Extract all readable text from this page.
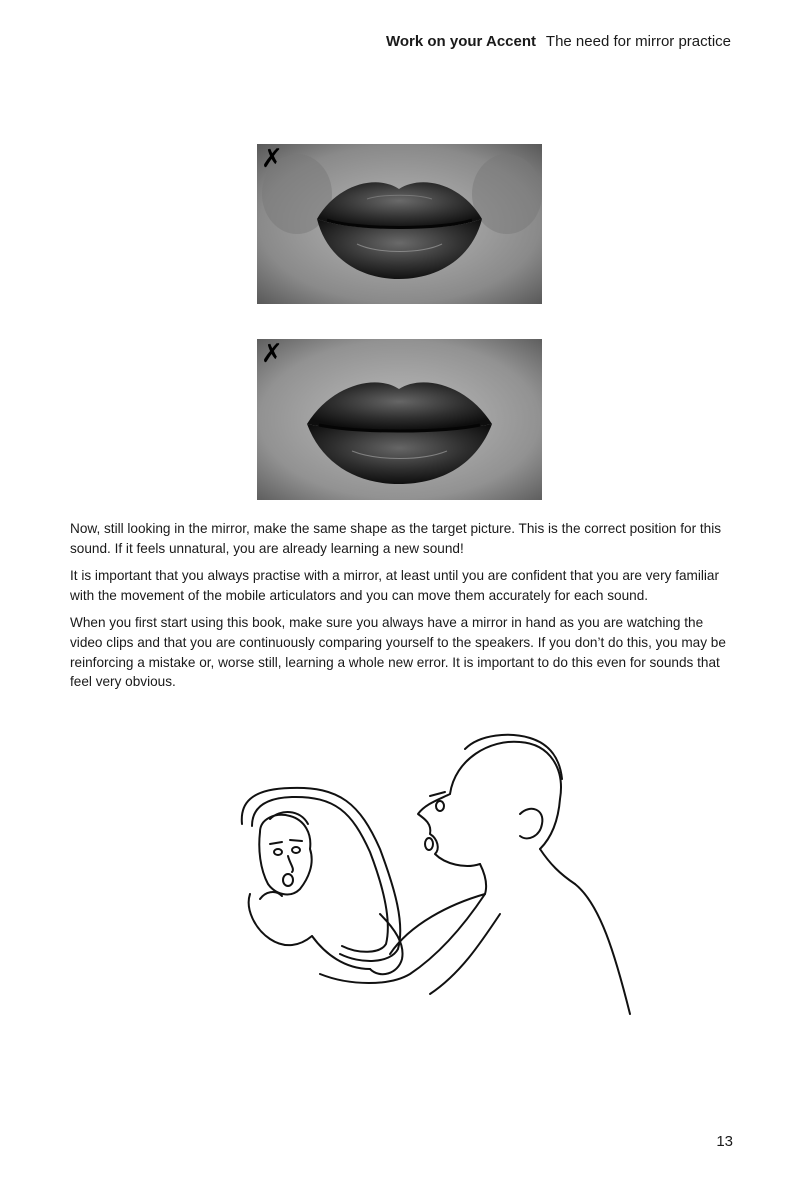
Work on your Accent The need for mirror practice
✗
✗

Now, still looking in the mirror, make the same shape as the target picture. This is the correct position for this sound. If it feels unnatural, you are already learning a new sound!

It is important that you always practise with a mirror, at least until you are confident that you are very familiar with the movement of the mobile articulators and you can move them accurately for each sound.

When you first start using this book, make sure you always have a mirror in hand as you are watching the video clips and that you are continuously comparing yourself to the speakers. If you don’t do this, you may be reinforcing a mistake or, worse still, learning a whole new error. It is important to do this even for sounds that feel very obvious.

13
